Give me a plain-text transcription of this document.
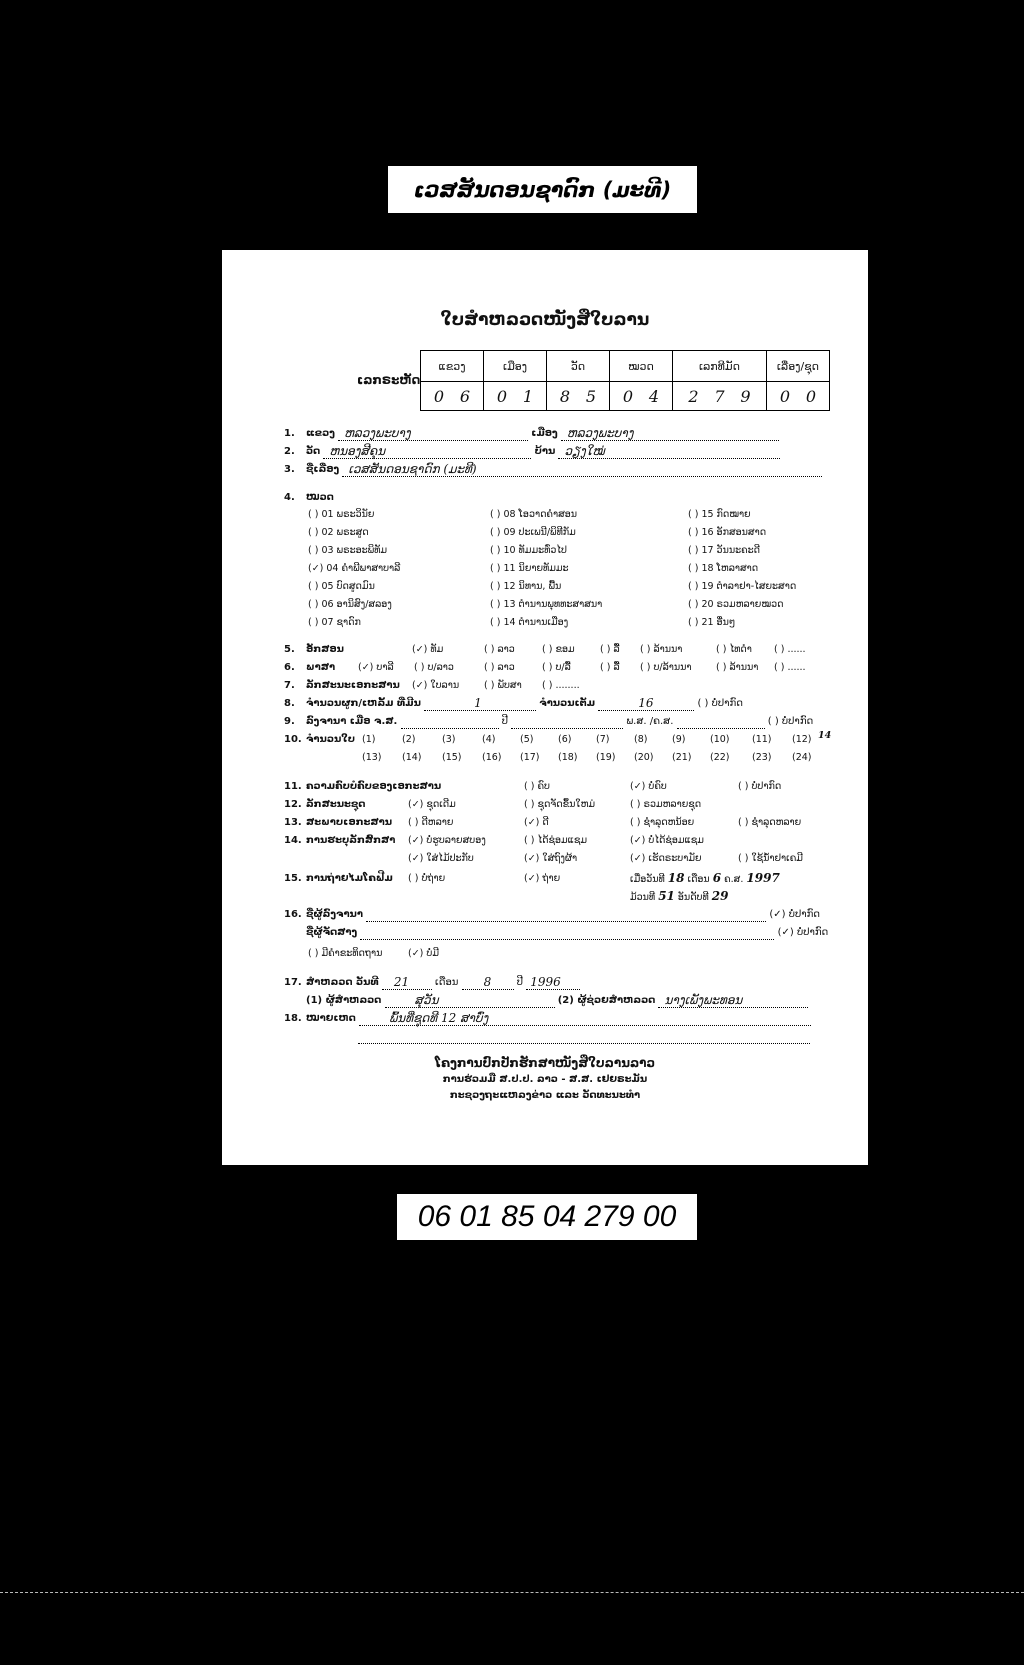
ເວສສັນດອນຊາດົກ (ມະທີ)
ໃບສຳຫລວດໜັງສືໃບລານ
ເລກຣະຫັດ
ແຂວງ	ເມືອງ	ວັດ	ໝວດ	ເລກທີມັດ	ເລື່ອງ/ຊຸດ
0 6	0 1	8 5	0 4	2 7 9	0 0
1. ແຂວງ ຫລວງພະບາງ	ເມືອງ ຫລວງພະບາງ
2. ວັດ ຫນອງສີຄຸນ	ບ້ານ ວຽງໃໝ່
3. ຊື່ເລື່ອງ ເວສສັນດອນຊາດົກ (ມະທີ)
4. ໝວດ
( ) 01 ພຣະວິນັຍ
( ) 02 ພຣະສູດ
( ) 03 ພຣະອະພິທັມ
(✓) 04 ຄຳພີພາສາບາລີ
( ) 05 ບົດສູດມົນ
( ) 06 ອານິສົງ/ສລອງ
( ) 07 ຊາດົກ
( ) 08 ໂອວາດຄຳສອນ
( ) 09 ປະເພນີ/ພິທີກັມ
( ) 10 ທັມມະທົ່ວໄປ
( ) 11 ນິຍາຍທັມມະ
( ) 12 ນິທານ, ພື້ນ
( ) 13 ຕຳນານພຸທທະສາສນາ
( ) 14 ຕຳນານເມືອງ
( ) 15 ກົດໝາຍ
( ) 16 ອັກສອນສາດ
( ) 17 ວັນນະຄະດີ
( ) 18 ໂຫລາສາດ
( ) 19 ຕຳລາຢາ-ໄສຍະສາດ
( ) 20 ຣວມຫລາຍໝວດ
( ) 21 ອື່ນໆ
5. ອັກສອນ	(✓) ທັມ	( ) ລາວ	( ) ຂອມ	( ) ລື້ ( ) ລ້ານນາ	( ) ໄທດຳ ( ) ......
6. ພາສາ (✓) ບາລີ ( ) ບ/ລາວ	( ) ລາວ	( ) ບ/ລື້	( ) ລື້ ( ) ບ/ລ້ານນາ	( ) ລ້ານນາ ( ) ......
7. ລັກສະນະເອກະສານ (✓) ໃບລານ	( ) ພັບສາ ( ) ........
8. ຈຳນວນຜູກ/ເຫລັ້ມ ທີ່ມີນ	1	ຈຳນວນເຕັມ	16	( ) ບໍ່ປາກົດ
9. ລົງຈານາ ເມື່ອ ຈ.ສ.	ປີ	ພ.ສ. /ຄ.ສ.	( ) ບໍ່ປາກົດ
10. ຈຳນວນໃບ (1)	(2)	(3)	(4)	(5)	(6)	(7)	(8)	(9)	(10) (11) (12) 14
(13) (14) (15) (16) (17) (18) (19) (20) (21) (22) (23) (24)
11. ຄວາມຄົບບໍຄົບຂອງເອກະສານ	( ) ຄົບ	(✓) ບໍ່ຄົບ	( ) ບໍ່ປາກົດ
12. ລັກສະນະຊຸດ	(✓) ຊຸດເດີມ	( ) ຊຸດຈັດຂຶ້ນໃຫມ່	( ) ຣວມຫລາຍຊຸດ
13. ສະພາບເອກະສານ ( ) ດີຫລາຍ	(✓) ດີ	( ) ຊຳລຸດຫນ້ອຍ	( ) ຊຳລຸດຫລາຍ
14. ການຮະບຸລັກສົກສາ (✓) ບໍ່ຮູບລາຍສບອງ	( ) ໄດ້ຊ່ອມແຊມ	(✓) ບໍ່ໄດ້ຊ່ອມແຊມ
(✓) ໃສ່ໄມ້ປະກັບ	(✓) ໃສ່ຖົງຜ້າ	(✓) ເຮັດຣະບາມັຍ	( ) ໃຊ້ນ້ຳຢາເຄມີ
15. ການຖ່າຍໄມໂຄຟີມ ( ) ບໍ່ຖ່າຍ	(✓) ຖ່າຍ	ເມື່ອວັນທີ 18 ເດືອນ 6 ຄ.ສ. 1997
ມ້ວນທີ 51 ອັນດັບທີ 29
16. ຊື່ຜູ້ລົງຈານາ	(✓) ບໍ່ປາກົດ
ຊື່ຜູ້ຈັດສາງ	(✓) ບໍ່ປາກົດ
( ) ມີຄຳຂະທິດຖານ	(✓) ບໍ່ມີ
17. ສຳຫລວດ ວັນທີ 21	ເດືອນ 8	ປີ 1996
(1) ຜູ້ສຳຫລວດ	ສຸວັນ	(2) ຜູ້ຊ່ວຍສຳຫລວດ ນາງເພັງພະທອນ
18. ໝາຍເຫດ	ພົ້ນທີ່ຊຸດທີ 12 ສາບົ່ງ
ໂຄງການປົກປັກຮັກສາໜັງສືໃບລານລາວ
ການຮ່ວມມື ສ.ປ.ປ. ລາວ - ສ.ສ. ເຢຍຣະມັນ
ກະຊວງຖະແຫລງຂ່າວ ແລະ ວັດທະນະທຳ
06 01 85 04 279 00
